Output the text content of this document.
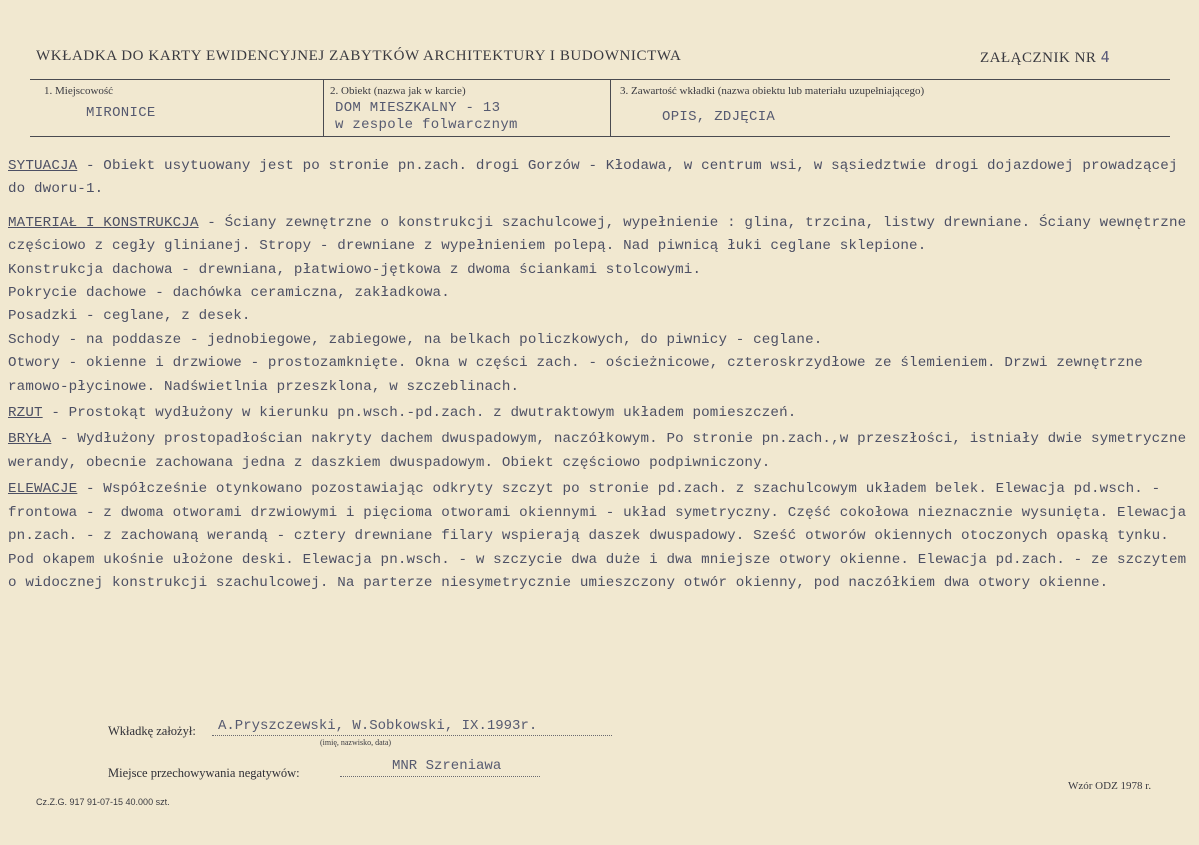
WKŁADKA DO KARTY EWIDENCYJNEJ ZABYTKÓW ARCHITEKTURY I BUDOWNICTWA	ZAŁĄCZNIK NR 4
1. Miejscowość
MIRONICE
2. Obiekt (nazwa jak w karcie)
DOM MIESZKALNY - 13
w zespole folwarcznym
3. Zawartość wkładki (nazwa obiektu lub materiału uzupełniającego)
OPIS, ZDJĘCIA

SYTUACJA - Obiekt usytuowany jest po stronie pn.zach. drogi Gorzów - Kłodawa, w centrum wsi, w sąsiedztwie drogi dojazdowej prowadzącej do dworu-1.

MATERIAŁ I KONSTRUKCJA - Ściany zewnętrzne o konstrukcji szachulcowej, wypełnienie : glina, trzcina, listwy drewniane. Ściany wewnętrzne częściowo z cegły glinianej. Stropy - drewniane z wypełnieniem polepą. Nad piwnicą łuki ceglane sklepione.

Konstrukcja dachowa - drewniana, płatwiowo-jętkowa z dwoma ściankami stolcowymi.

Pokrycie dachowe - dachówka ceramiczna, zakładkowa.

Posadzki - ceglane, z desek.

Schody - na poddasze - jednobiegowe, zabiegowe, na belkach policzkowych, do piwnicy - ceglane.

Otwory - okienne i drzwiowe - prostozamknięte. Okna w części zach. - ościeżnicowe, czteroskrzydłowe ze ślemieniem. Drzwi zewnętrzne ramowo-płycinowe. Nadświetlnia przeszklona, w szczeblinach.

RZUT - Prostokąt wydłużony w kierunku pn.wsch.-pd.zach. z dwutraktowym układem pomieszczeń.

BRYŁA - Wydłużony prostopadłościan nakryty dachem dwuspadowym, naczółkowym. Po stronie pn.zach.,w przeszłości, istniały dwie symetryczne werandy, obecnie zachowana jedna z daszkiem dwuspadowym. Obiekt częściowo podpiwniczony.

ELEWACJE - Współcześnie otynkowano pozostawiając odkryty szczyt po stronie pd.zach. z szachulcowym układem belek. Elewacja pd.wsch. - frontowa - z dwoma otworami drzwiowymi i pięcioma otworami okiennymi - układ symetryczny. Część cokołowa nieznacznie wysunięta. Elewacja pn.zach. - z zachowaną werandą - cztery drewniane filary wspierają daszek dwuspadowy. Sześć otworów okiennych otoczonych opaską tynku. Pod okapem ukośnie ułożone deski. Elewacja pn.wsch. - w szczycie dwa duże i dwa mniejsze otwory okienne. Elewacja pd.zach. - ze szczytem o widocznej konstrukcji szachulcowej. Na parterze niesymetrycznie umieszczony otwór okienny, pod naczółkiem dwa otwory okienne.

Wkładkę założył: A.Pryszczewski, W.Sobkowski, IX.1993r.
(imię, nazwisko, data)
Miejsce przechowywania negatywów:	MNR Szreniawa
Wzór ODZ 1978 r.
Cz.Z.G. 917 91-07-15 40.000 szt.
